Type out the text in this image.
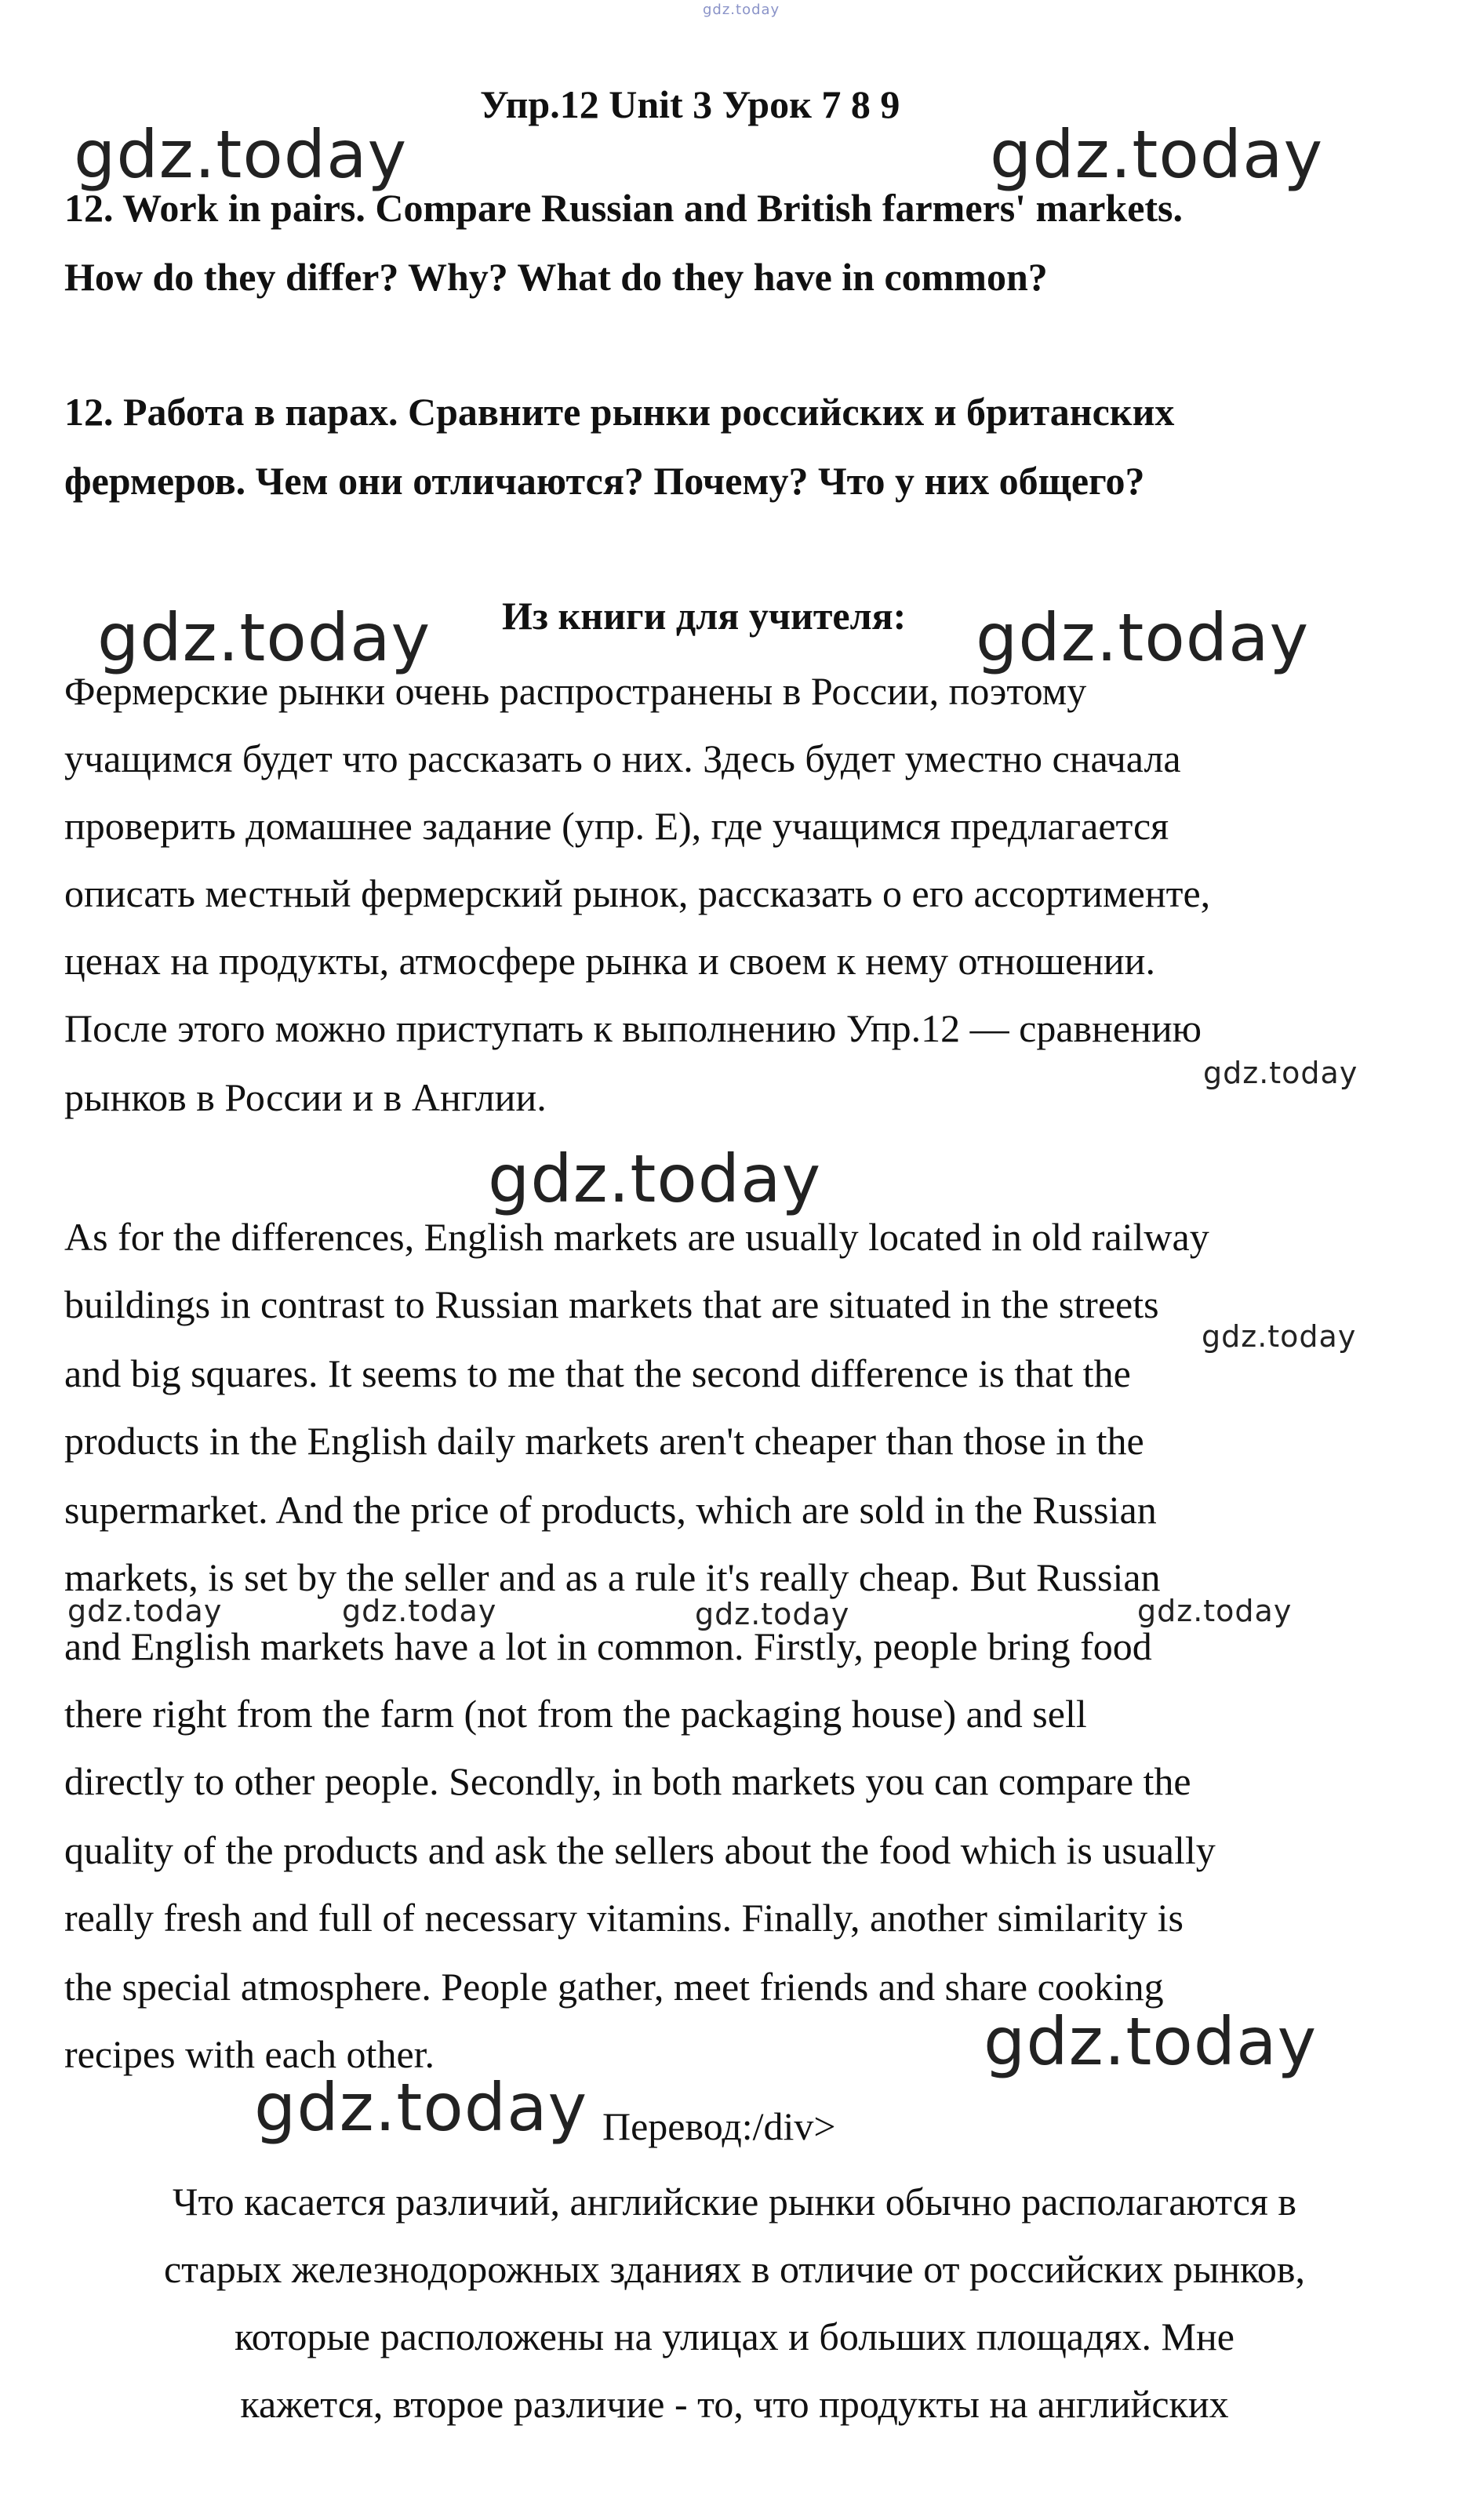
gdz.today
Упр.12 Unit 3 Урок 7 8 9
12. Work in pairs. Compare Russian and British farmers' markets.
How do they differ? Why? What do they have in common?
12. Работа в парах. Сравните рынки российских и британских
фермеров. Чем они отличаются? Почему? Что у них общего?
Из книги для учителя:
Фермерские рынки очень распространены в России, поэтому
учащимся будет что рассказать о них. Здесь будет уместно сначала
проверить домашнее задание (упр. Е), где учащимся предлагается
описать местный фермерский рынок, рассказать о его ассортименте,
ценах на продукты, атмосфере рынка и своем к нему отношении.
После этого можно приступать к выполнению Упр.12 — сравнению
рынков в России и в Англии.
As for the differences, English markets are usually located in old railway
buildings in contrast to Russian markets that are situated in the streets
and big squares. It seems to me that the second difference is that the
products in the English daily markets aren't cheaper than those in the
supermarket. And the price of products, which are sold in the Russian
markets, is set by the seller and as a rule it's really cheap. But Russian
and English markets have a lot in common. Firstly, people bring food
there right from the farm (not from the packaging house) and sell
directly to other people. Secondly, in both markets you can compare the
quality of the products and ask the sellers about the food which is usually
really fresh and full of necessary vitamins. Finally, another similarity is
the special atmosphere. People gather, meet friends and share cooking
recipes with each other.
Перевод:/div>
Что касается различий, английские рынки обычно располагаются в
старых железнодорожных зданиях в отличие от российских рынков,
которые расположены на улицах и больших площадях. Мне
кажется, второе различие - то, что продукты на английских
gdz.today	gdz.today
gdz.today	gdz.today
gdz.today
gdz.today
gdz.today
gdz.today	gdz.today	gdz.today	gdz.today
gdz.today
gdz.today
